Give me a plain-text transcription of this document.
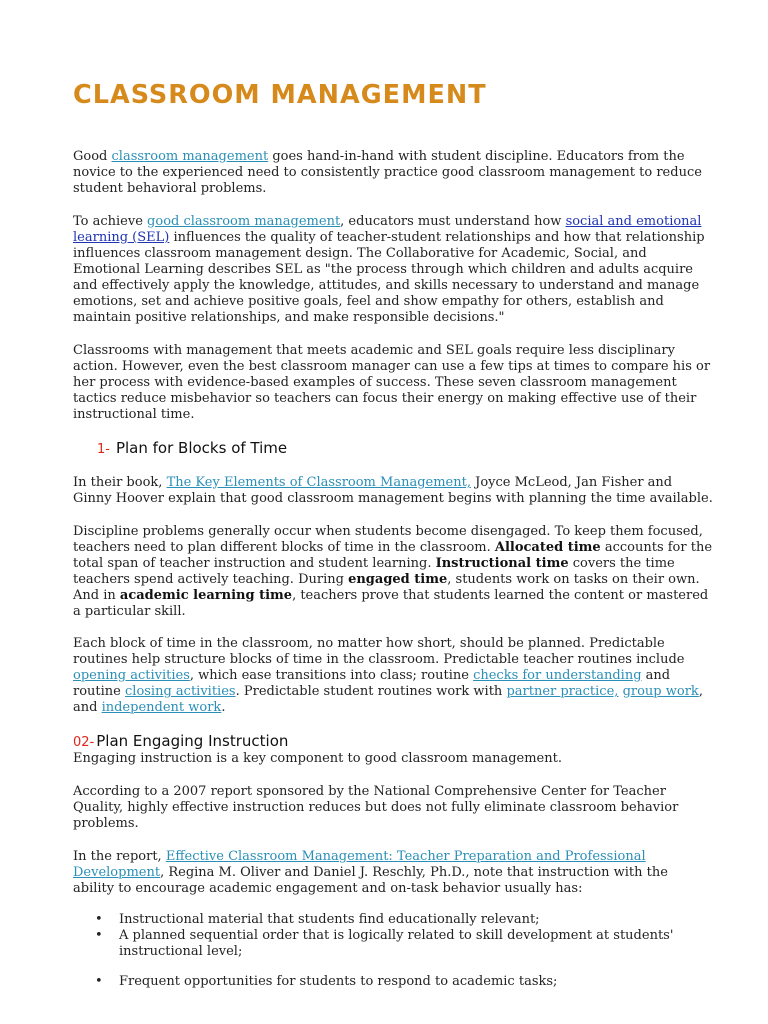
CLASSROOM MANAGEMENT

Good classroom management goes hand-in-hand with student discipline. Educators from the novice to the experienced need to consistently practice good classroom management to reduce student behavioral problems.

To achieve good classroom management, educators must understand how social and emotional learning (SEL) influences the quality of teacher-student relationships and how that relationship influences classroom management design. The Collaborative for Academic, Social, and Emotional Learning describes SEL as "the process through which children and adults acquire and effectively apply the knowledge, attitudes, and skills necessary to understand and manage emotions, set and achieve positive goals, feel and show empathy for others, establish and maintain positive relationships, and make responsible decisions."

Classrooms with management that meets academic and SEL goals require less disciplinary action. However, even the best classroom manager can use a few tips at times to compare his or her process with evidence-based examples of success. These seven classroom management tactics reduce misbehavior so teachers can focus their energy on making effective use of their instructional time.

1- Plan for Blocks of Time

In their book, The Key Elements of Classroom Management, Joyce McLeod, Jan Fisher and Ginny Hoover explain that good classroom management begins with planning the time available.

Discipline problems generally occur when students become disengaged. To keep them focused, teachers need to plan different blocks of time in the classroom. Allocated time accounts for the total span of teacher instruction and student learning. Instructional time covers the time teachers spend actively teaching. During engaged time, students work on tasks on their own. And in academic learning time, teachers prove that students learned the content or mastered a particular skill.

Each block of time in the classroom, no matter how short, should be planned. Predictable routines help structure blocks of time in the classroom. Predictable teacher routines include opening activities, which ease transitions into class; routine checks for understanding and routine closing activities. Predictable student routines work with partner practice, group work, and independent work.

02- Plan Engaging Instruction

Engaging instruction is a key component to good classroom management.

According to a 2007 report sponsored by the National Comprehensive Center for Teacher Quality, highly effective instruction reduces but does not fully eliminate classroom behavior problems.

In the report, Effective Classroom Management: Teacher Preparation and Professional Development, Regina M. Oliver and Daniel J. Reschly, Ph.D., note that instruction with the ability to encourage academic engagement and on-task behavior usually has:

• Instructional material that students find educationally relevant;
• A planned sequential order that is logically related to skill development at students' instructional level;
• Frequent opportunities for students to respond to academic tasks;
